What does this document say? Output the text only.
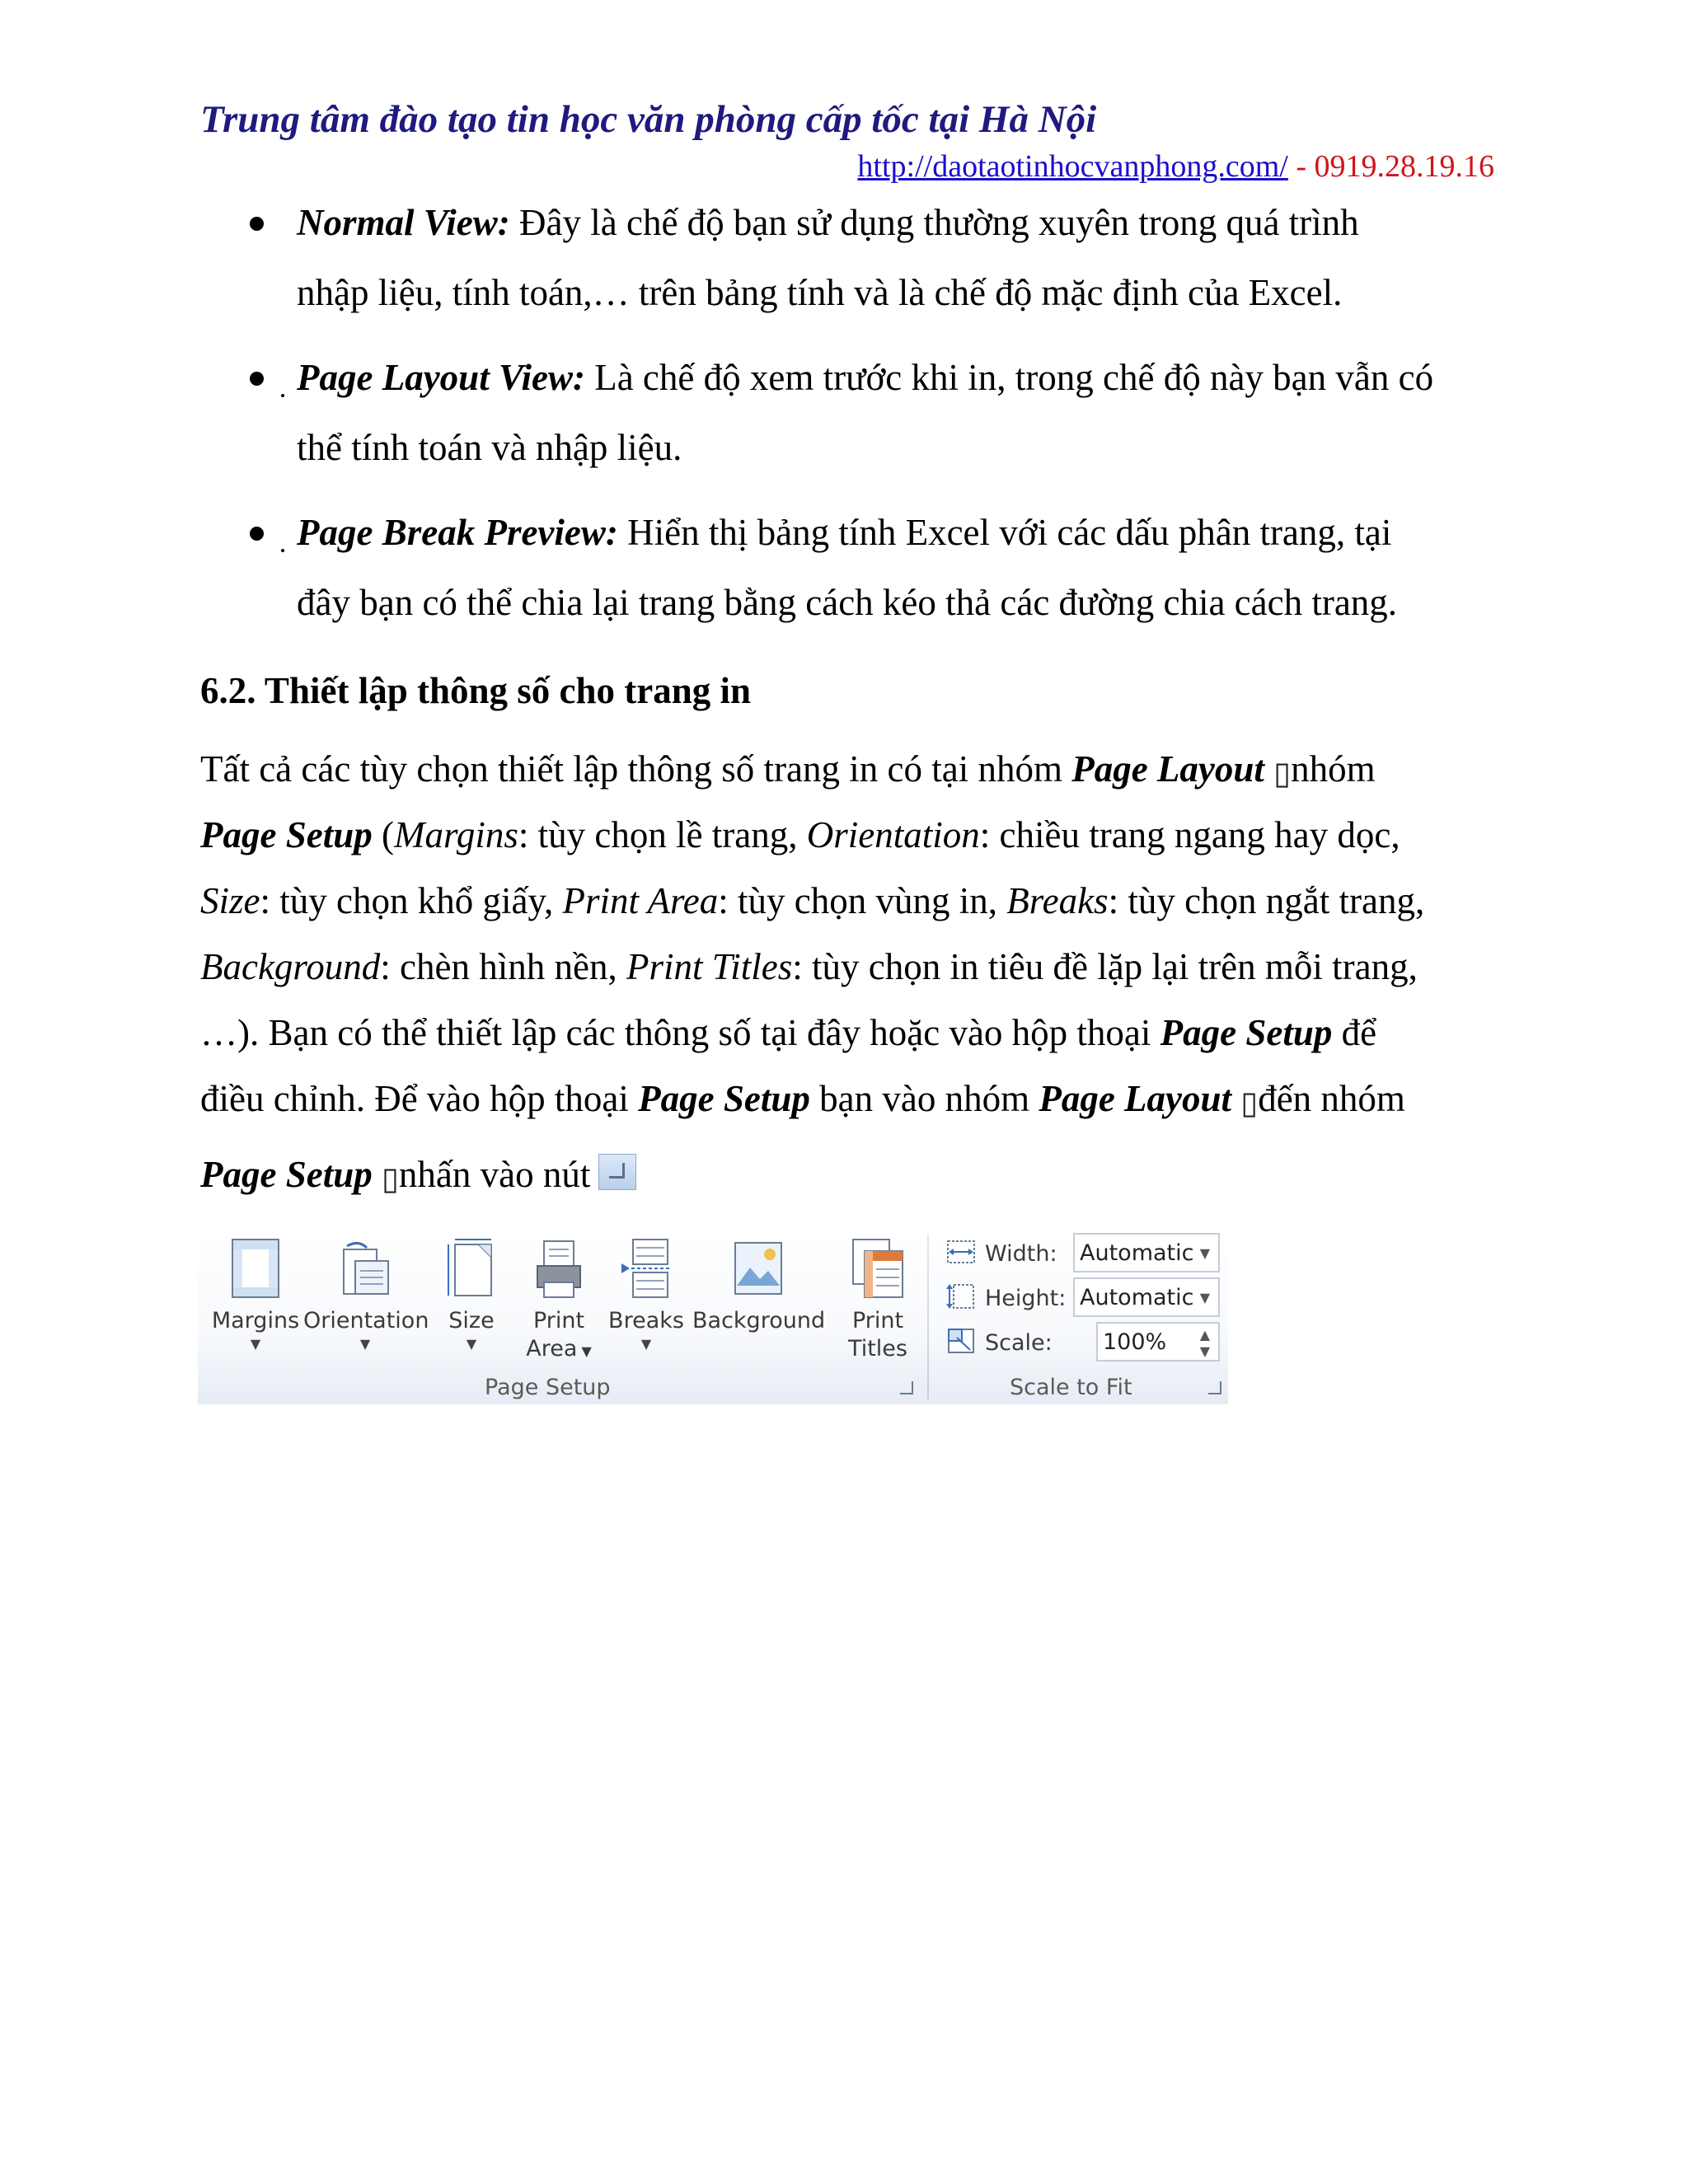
Trung tâm đào tạo tin học văn phòng cấp tốc tại Hà Nội
http://daotaotinhocvanphong.com/ - 0919.28.19.16
Normal View: Đây là chế độ bạn sử dụng thường xuyên trong quá trình
nhập liệu, tính toán,… trên bảng tính và là chế độ mặc định của Excel.
Page Layout View: Là chế độ xem trước khi in, trong chế độ này bạn vẫn có
thể tính toán và nhập liệu.
Page Break Preview: Hiển thị bảng tính Excel với các dấu phân trang, tại
đây bạn có thể chia lại trang bằng cách kéo thả các đường chia cách trang.
6.2. Thiết lập thông số cho trang in
Tất cả các tùy chọn thiết lập thông số trang in có tại nhóm Page Layout ▯nhóm
Page Setup (Margins: tùy chọn lề trang, Orientation: chiều trang ngang hay dọc,
Size: tùy chọn khổ giấy, Print Area: tùy chọn vùng in, Breaks: tùy chọn ngắt trang,
Background: chèn hình nền, Print Titles: tùy chọn in tiêu đề lặp lại trên mỗi trang,
…). Bạn có thể thiết lập các thông số tại đây hoặc vào hộp thoại Page Setup để
điều chỉnh. Để vào hộp thoại Page Setup bạn vào nhóm Page Layout ▯đến nhóm
Page Setup ▯nhấn vào nút
Margins
▼
Orientation
▼
Size
▼
Print
Area ▼
Breaks
▼
Background	Print
Titles
Page Setup
Width: Automatic ▼
Height: Automatic ▼
Scale: 100%	▲
▼
Scale to Fit
